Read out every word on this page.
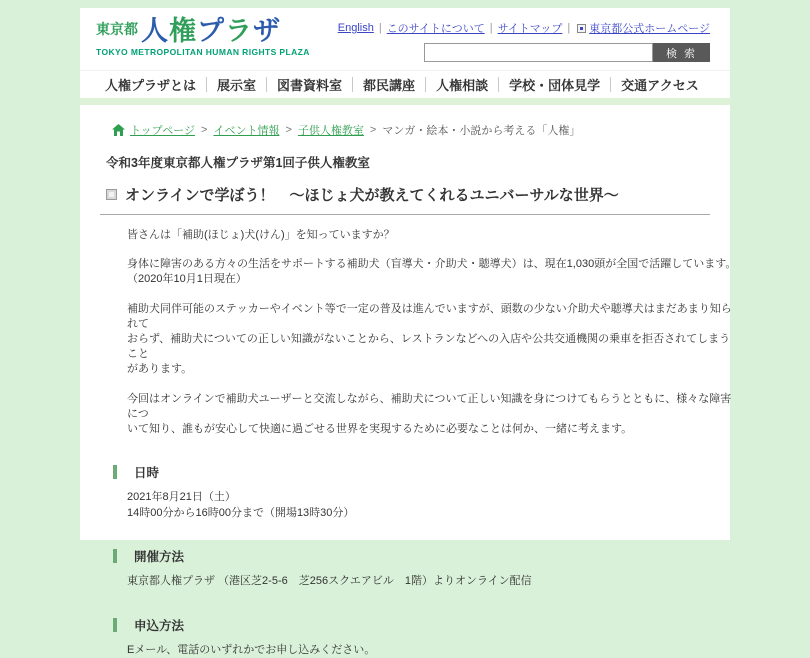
東京都 人権プラザ
TOKYO METROPOLITAN HUMAN RIGHTS PLAZA
English | このサイトについて | サイトマップ | 東京都公式ホームページ
検 索
人権プラザとは	展示室	図書資料室	都民講座	人権相談	学校・団体見学	交通アクセス
トップページ > イベント情報 > 子供人権教室 > マンガ・絵本・小説から考える「人権」
令和3年度東京都人権プラザ第1回子供人権教室
オンラインで学ぼう！　～ほじょ犬が教えてくれるユニバーサルな世界～

皆さんは「補助(ほじょ)犬(けん)」を知っていますか？

身体に障害のある方々の生活をサポートする補助犬（盲導犬・介助犬・聴導犬）は、現在1,030頭が全国で活躍しています。
（2020年10月1日現在）

補助犬同伴可能のステッカーやイベント等で一定の普及は進んでいますが、頭数の少ない介助犬や聴導犬はまだあまり知られて
おらず、補助犬についての正しい知識がないことから、レストランなどへの入店や公共交通機関の乗車を拒否されてしまうこと
があります。

今回はオンラインで補助犬ユーザーと交流しながら、補助犬について正しい知識を身につけてもらうとともに、様々な障害につ
いて知り、誰もが安心して快適に過ごせる世界を実現するために必要なことは何か、一緒に考えます。

日時
2021年8月21日（土）
14時00分から16時00分まで（開場13時30分）
開催方法
東京都人権プラザ （港区芝2-5-6　芝256スクエアビル　1階）よりオンライン配信
申込方法
Eメール、電話のいずれかでお申し込みください。
